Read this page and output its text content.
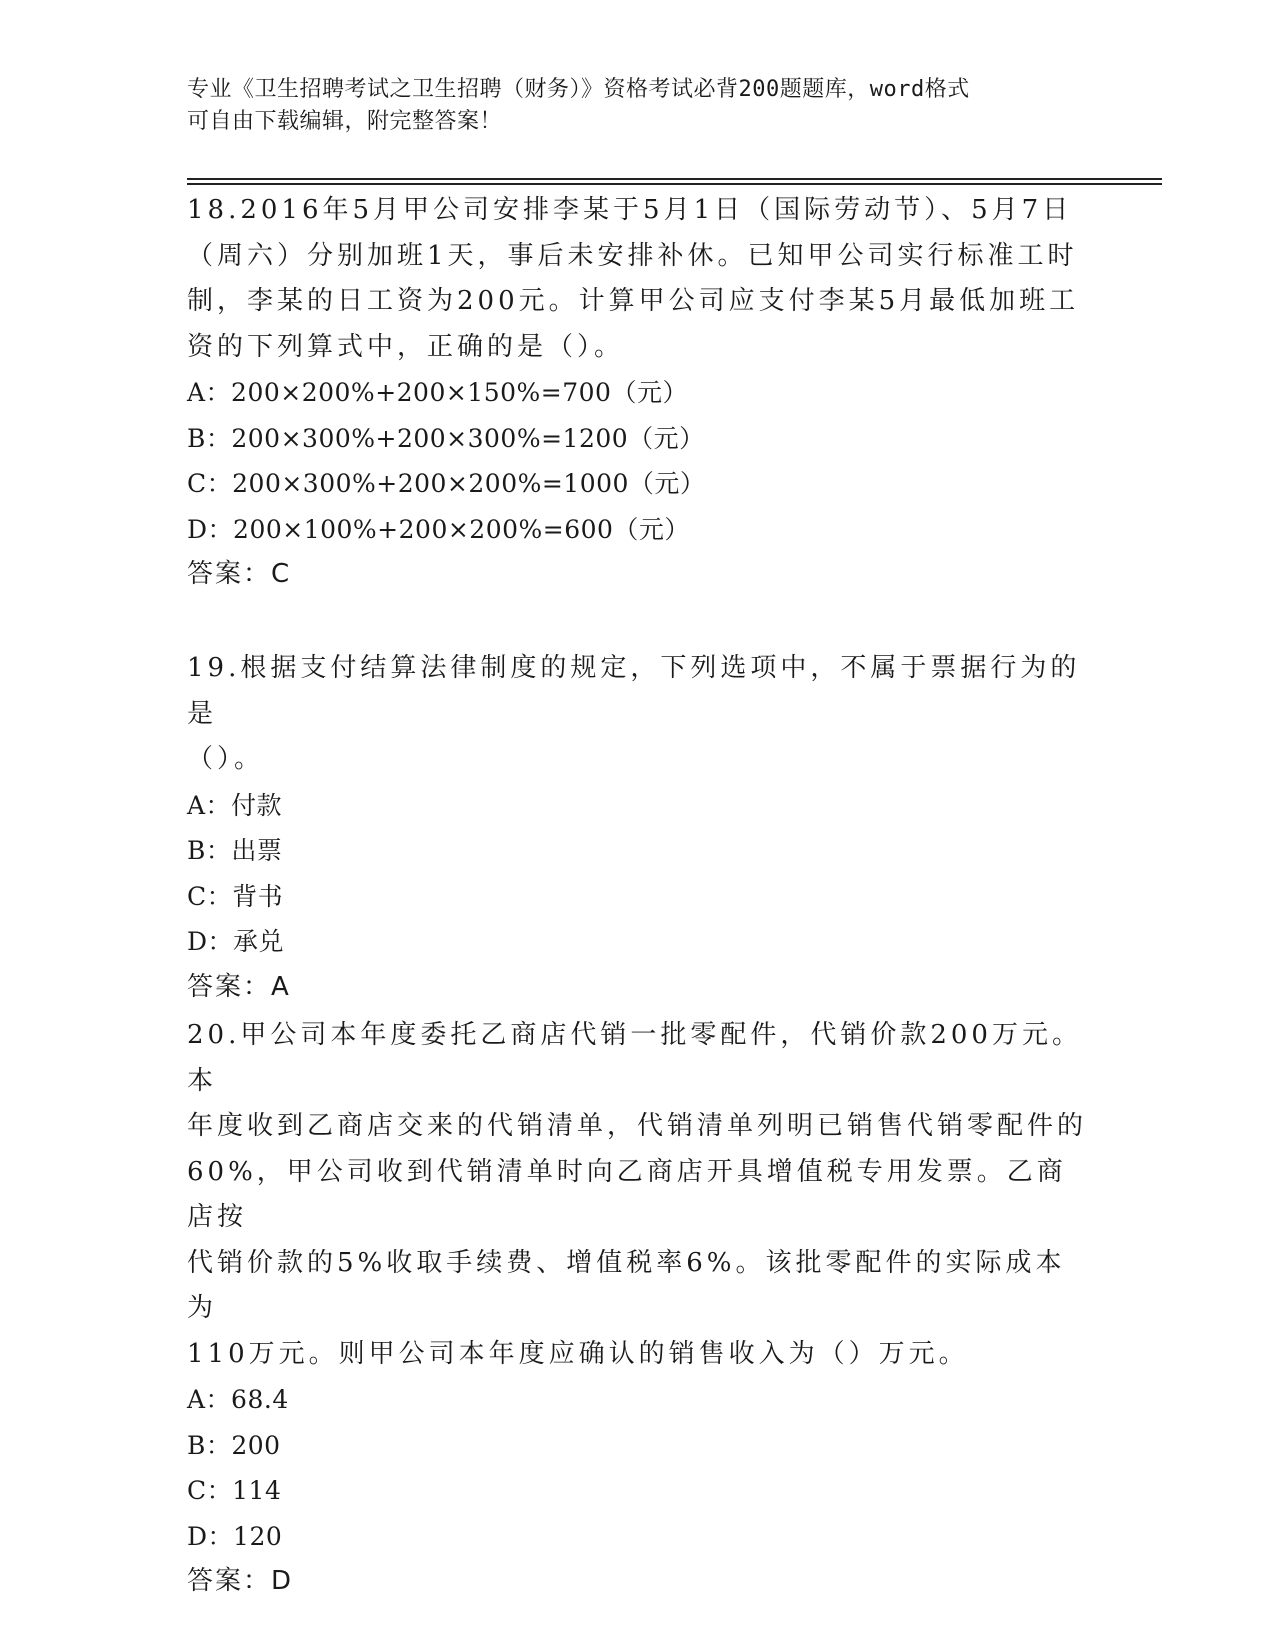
专业《卫生招聘考试之卫生招聘（财务）》资格考试必背200题题库，word格式
可自由下载编辑，附完整答案！

18.2016年5月甲公司安排李某于5月1日（国际劳动节）、5月7日

（周六）分别加班1天，事后未安排补休。已知甲公司实行标准工时

制，李某的日工资为200元。计算甲公司应支付李某5月最低加班工

资的下列算式中，正确的是（）。

A：200×200%+200×150%=700（元）

B：200×300%+200×300%=1200（元）

C：200×300%+200×200%=1000（元）

D：200×100%+200×200%=600（元）

答案：C

19.根据支付结算法律制度的规定，下列选项中，不属于票据行为的是

（）。

A：付款

B：出票

C：背书

D：承兑

答案：A

20.甲公司本年度委托乙商店代销一批零配件，代销价款200万元。本

年度收到乙商店交来的代销清单，代销清单列明已销售代销零配件的

60%，甲公司收到代销清单时向乙商店开具增值税专用发票。乙商店按

代销价款的5%收取手续费、增值税率6%。该批零配件的实际成本为

110万元。则甲公司本年度应确认的销售收入为（）万元。

A：68.4

B：200

C：114

D：120

答案：D
